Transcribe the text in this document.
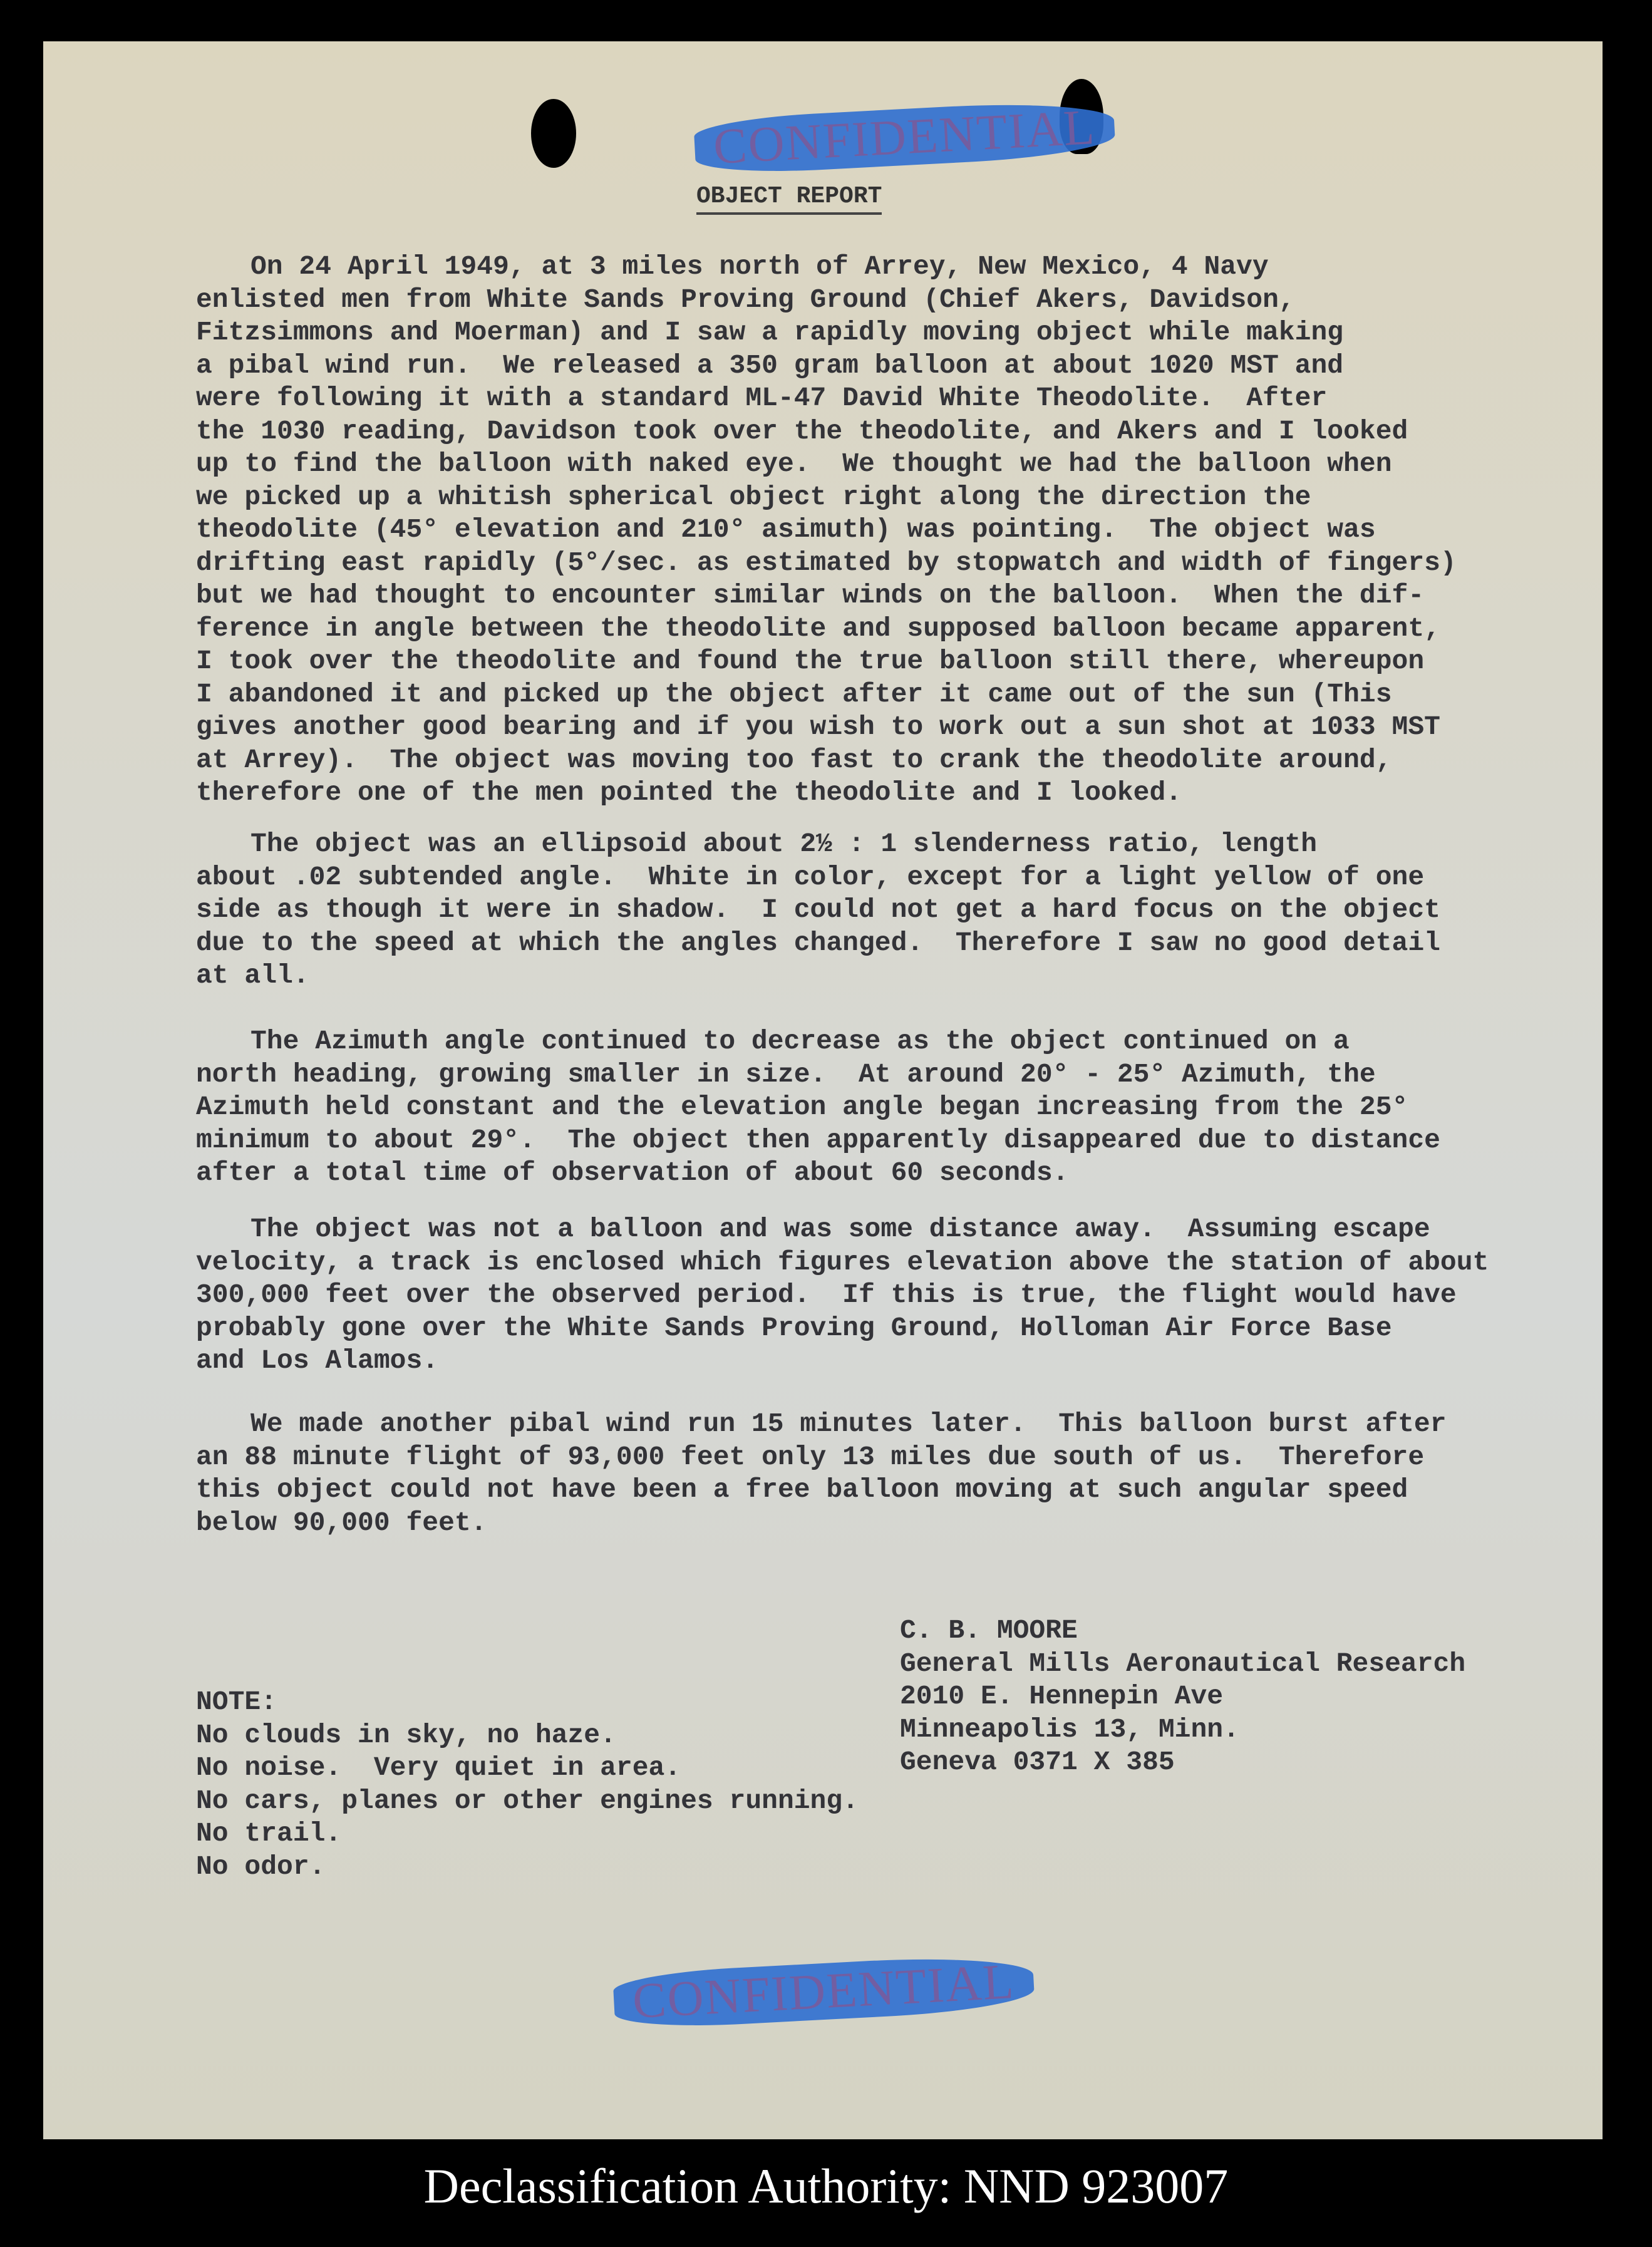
CONFIDENTIAL
OBJECT REPORT
On 24 April 1949, at 3 miles north of Arrey, New Mexico, 4 Navy
enlisted men from White Sands Proving Ground (Chief Akers, Davidson,
Fitzsimmons and Moerman) and I saw a rapidly moving object while making
a pibal wind run.  We released a 350 gram balloon at about 1020 MST and
were following it with a standard ML-47 David White Theodolite.  After
the 1030 reading, Davidson took over the theodolite, and Akers and I looked
up to find the balloon with naked eye.  We thought we had the balloon when
we picked up a whitish spherical object right along the direction the
theodolite (45° elevation and 210° asimuth) was pointing.  The object was
drifting east rapidly (5°/sec. as estimated by stopwatch and width of fingers)
but we had thought to encounter similar winds on the balloon.  When the dif-
ference in angle between the theodolite and supposed balloon became apparent,
I took over the theodolite and found the true balloon still there, whereupon
I abandoned it and picked up the object after it came out of the sun (This
gives another good bearing and if you wish to work out a sun shot at 1033 MST
at Arrey).  The object was moving too fast to crank the theodolite around,
therefore one of the men pointed the theodolite and I looked.
The object was an ellipsoid about 2½ : 1 slenderness ratio, length
about .02 subtended angle.  White in color, except for a light yellow of one
side as though it were in shadow.  I could not get a hard focus on the object
due to the speed at which the angles changed.  Therefore I saw no good detail
at all.
The Azimuth angle continued to decrease as the object continued on a
north heading, growing smaller in size.  At around 20° - 25° Azimuth, the
Azimuth held constant and the elevation angle began increasing from the 25°
minimum to about 29°.  The object then apparently disappeared due to distance
after a total time of observation of about 60 seconds.
The object was not a balloon and was some distance away.  Assuming escape
velocity, a track is enclosed which figures elevation above the station of about
300,000 feet over the observed period.  If this is true, the flight would have
probably gone over the White Sands Proving Ground, Holloman Air Force Base
and Los Alamos.
We made another pibal wind run 15 minutes later.  This balloon burst after
an 88 minute flight of 93,000 feet only 13 miles due south of us.  Therefore
this object could not have been a free balloon moving at such angular speed
below 90,000 feet.
C. B. MOORE
General Mills Aeronautical Research
2010 E. Hennepin Ave
Minneapolis 13, Minn.
Geneva 0371 X 385
NOTE:
No clouds in sky, no haze.
No noise.  Very quiet in area.
No cars, planes or other engines running.
No trail.
No odor.
CONFIDENTIAL
Declassification Authority: NND 923007
